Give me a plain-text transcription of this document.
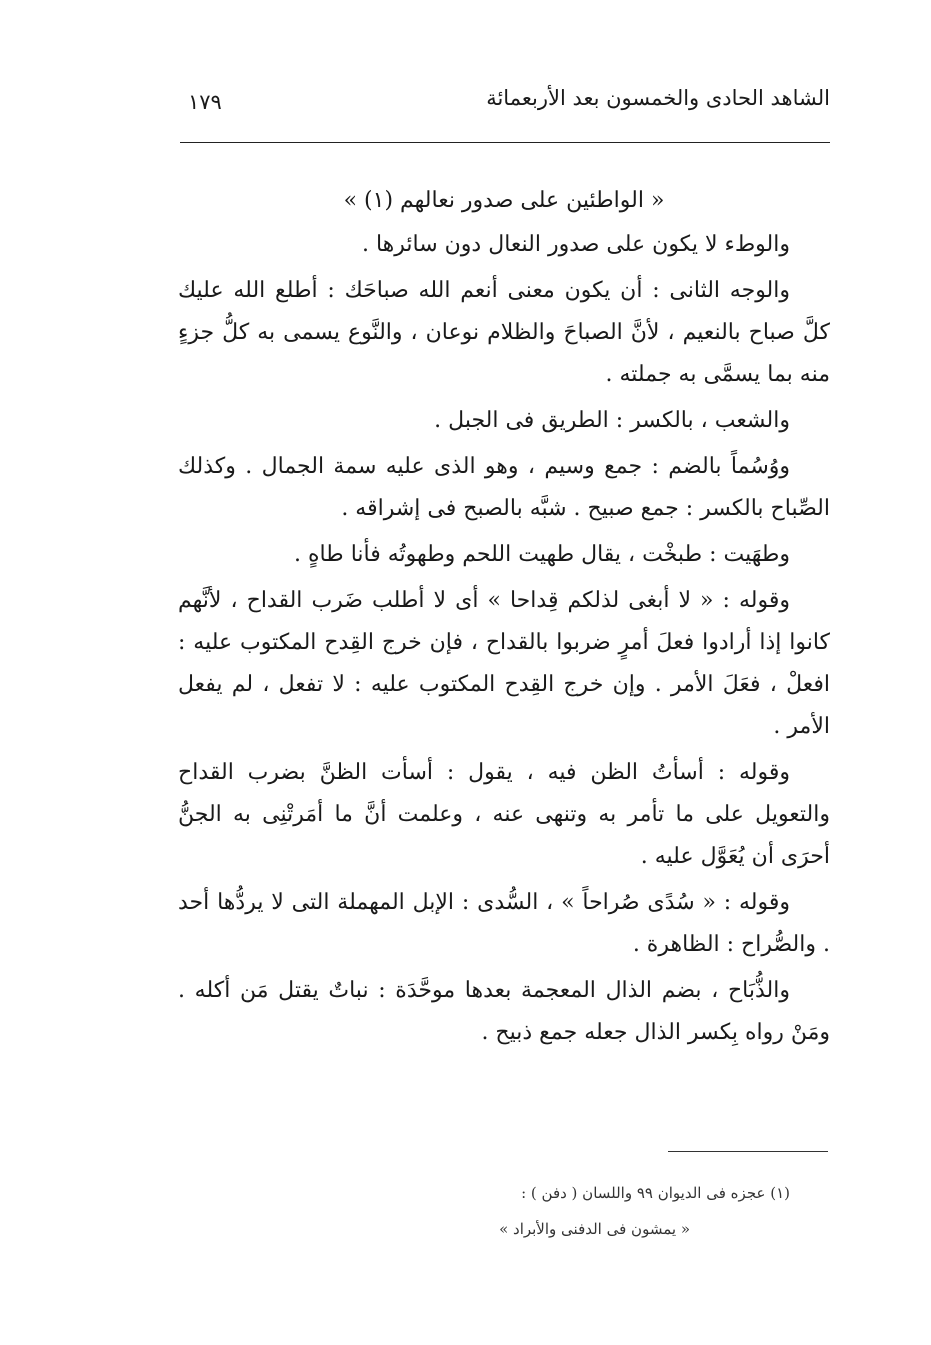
الشاهد الحادى والخمسون بعد الأربعمائة
١٧٩

« الواطئين على صدور نعالهم (١) »

والوطء لا يكون على صدور النعال دون سائرها .

والوجه الثانى : أن يكون معنى أنعم الله صباحَك : أطلع الله عليك كلَّ صباح بالنعيم ، لأنَّ الصباحَ والظلام نوعان ، والنَّوع يسمى به كلُّ جزءٍ منه بما يسمَّى به جملته .

والشعب ، بالكسر : الطريق فى الجبل .

ووُسُماً بالضم : جمع وسيم ، وهو الذى عليه سمة الجمال . وكذلك الصِّباح بالكسر : جمع صبيح . شبَّه بالصبح فى إشراقه .

وطهَيت : طبخْت ، يقال طهيت اللحم وطهوتُه فأنا طاهٍ .

وقوله : « لا أبغى لذلكم قِداحا » أى لا أطلب ضَرب القداح ، لأنَّهم كانوا إذا أرادوا فعلَ أمرٍ ضربوا بالقداح ، فإن خرج القِدح المكتوب عليه : افعلْ ، فعَلَ الأمر . وإن خرج القِدح المكتوب عليه : لا تفعل ، لم يفعل الأمر .

وقوله : أسأتُ الظن فيه ، يقول : أسأت الظنَّ بضرب القداح والتعويل على ما تأمر به وتنهى عنه ، وعلمت أنَّ ما أمَرتْنِى به الجنُّ أحرَى أن يُعَوَّل عليه .

وقوله : « سُدًى صُراحاً » ، السُّدى : الإبل المهملة التى لا يردُّها أحد . والصُّراح : الظاهرة .

والذُّبَاح ، بضم الذال المعجمة بعدها موحَّدَة : نباتٌ يقتل مَن أكله . ومَنْ رواه بِكسر الذال جعله جمع ذبيح .

(١) عجزه فى الديوان ٩٩ واللسان ( دفن ) :

« يمشون فى الدفنى والأبراد »
